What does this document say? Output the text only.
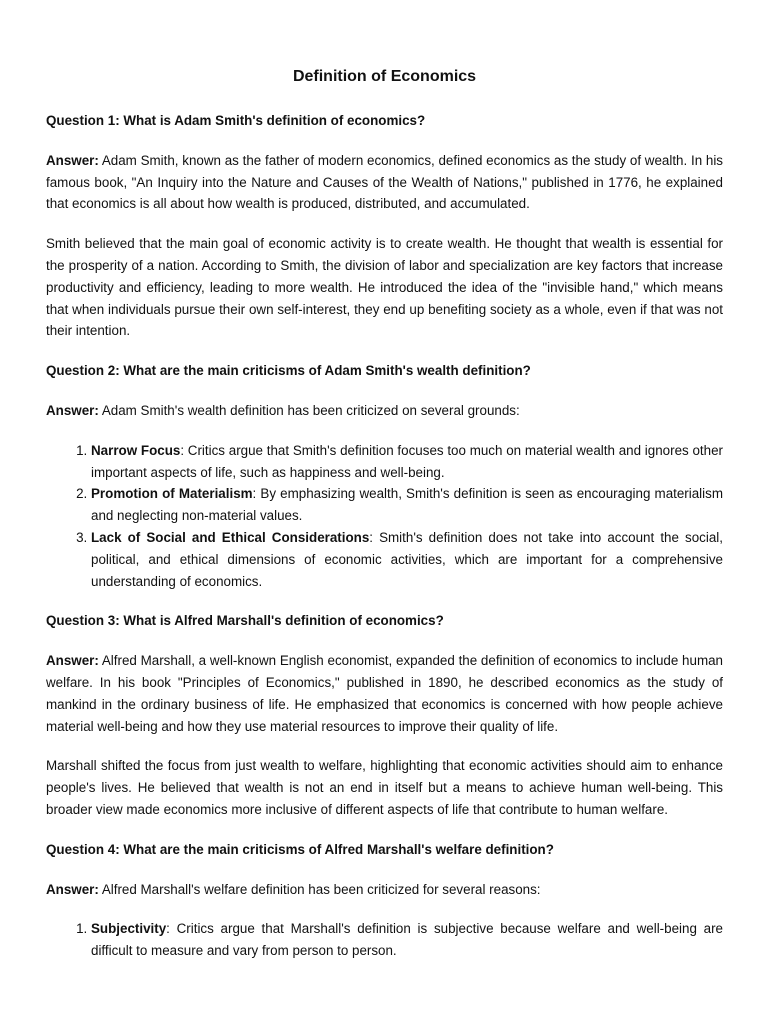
Definition of Economics
Question 1: What is Adam Smith's definition of economics?

Answer: Adam Smith, known as the father of modern economics, defined economics as the study of wealth. In his famous book, "An Inquiry into the Nature and Causes of the Wealth of Nations," published in 1776, he explained that economics is all about how wealth is produced, distributed, and accumulated.

Smith believed that the main goal of economic activity is to create wealth. He thought that wealth is essential for the prosperity of a nation. According to Smith, the division of labor and specialization are key factors that increase productivity and efficiency, leading to more wealth. He introduced the idea of the "invisible hand," which means that when individuals pursue their own self-interest, they end up benefiting society as a whole, even if that was not their intention.

Question 2: What are the main criticisms of Adam Smith's wealth definition?

Answer: Adam Smith's wealth definition has been criticized on several grounds:

1. Narrow Focus: Critics argue that Smith's definition focuses too much on material wealth and ignores other important aspects of life, such as happiness and well-being.
2. Promotion of Materialism: By emphasizing wealth, Smith's definition is seen as encouraging materialism and neglecting non-material values.
3. Lack of Social and Ethical Considerations: Smith's definition does not take into account the social, political, and ethical dimensions of economic activities, which are important for a comprehensive understanding of economics.
Question 3: What is Alfred Marshall's definition of economics?

Answer: Alfred Marshall, a well-known English economist, expanded the definition of economics to include human welfare. In his book "Principles of Economics," published in 1890, he described economics as the study of mankind in the ordinary business of life. He emphasized that economics is concerned with how people achieve material well-being and how they use material resources to improve their quality of life.

Marshall shifted the focus from just wealth to welfare, highlighting that economic activities should aim to enhance people's lives. He believed that wealth is not an end in itself but a means to achieve human well-being. This broader view made economics more inclusive of different aspects of life that contribute to human welfare.

Question 4: What are the main criticisms of Alfred Marshall's welfare definition?

Answer: Alfred Marshall's welfare definition has been criticized for several reasons:

1. Subjectivity: Critics argue that Marshall's definition is subjective because welfare and well-being are difficult to measure and vary from person to person.
